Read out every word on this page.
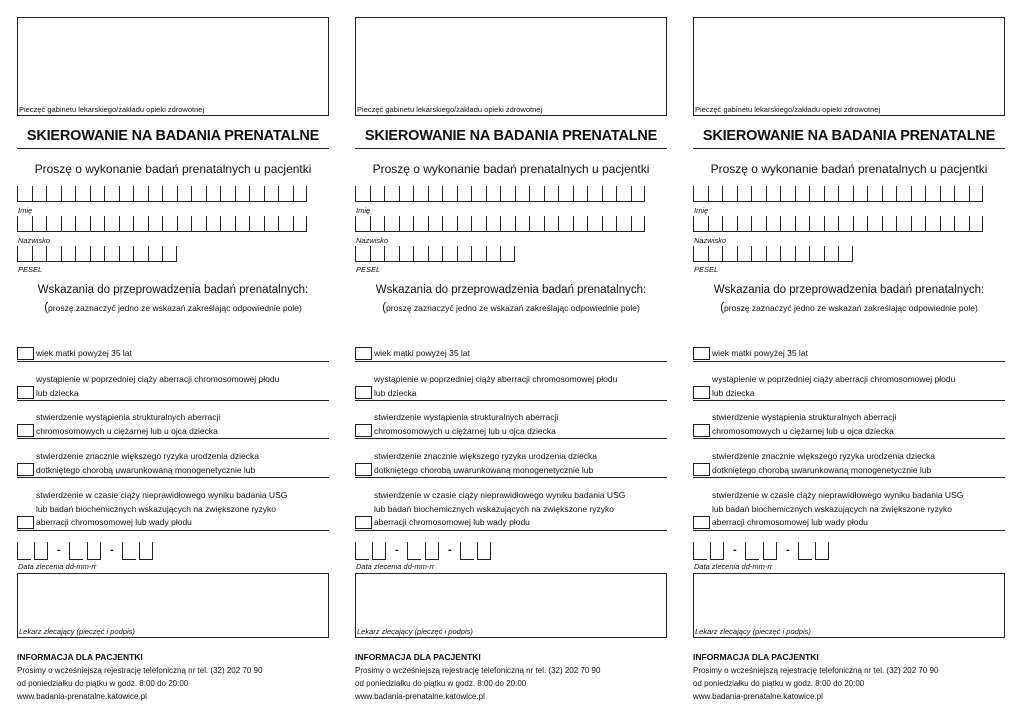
Pieczęć gabinetu lekarskiego/zakładu opieki zdrowotnej
SKIEROWANIE NA BADANIA PRENATALNE
Proszę o wykonanie badań prenatalnych u pacjentki
Imię
Nazwisko
PESEL
Wskazania do przeprowadzenia badań prenatalnych:
(proszę zaznaczyć jedno ze wskazań zakreślając odpowiednie pole)
wiek matki powyżej 35 lat
wystąpienie w poprzedniej ciąży aberracji chromosomowej płodu
lub dziecka
stwierdzenie wystąpienia strukturalnych aberracji
chromosomowych u ciężarnej lub u ojca dziecka
stwierdzenie znacznie większego ryzyka urodzenia dziecka
dotkniętego chorobą uwarunkowaną monogenetycznie lub
stwierdzenie w czasie ciąży nieprawidłowego wyniku badania USG
lub badań biochemicznych wskazujących na zwiększone ryzyko
aberracji chromosomowej lub wady płodu
-	-
Data zlecenia dd-mm-rr
Lekarz zlecający (pieczęć i podpis)
INFORMACJA DLA PACJENTKI
Prosimy o wcześniejszą rejestrację telefoniczną nr tel. (32) 202 70 90
od poniedziałku do piątku w godz. 8:00 do 20:00
www.badania-prenatalne.katowice.pl
Pieczęć gabinetu lekarskiego/zakładu opieki zdrowotnej
SKIEROWANIE NA BADANIA PRENATALNE
Proszę o wykonanie badań prenatalnych u pacjentki
Imię
Nazwisko
PESEL
Wskazania do przeprowadzenia badań prenatalnych:
(proszę zaznaczyć jedno ze wskazań zakreślając odpowiednie pole)
wiek matki powyżej 35 lat
wystąpienie w poprzedniej ciąży aberracji chromosomowej płodu
lub dziecka
stwierdzenie wystąpienia strukturalnych aberracji
chromosomowych u ciężarnej lub u ojca dziecka
stwierdzenie znacznie większego ryzyka urodzenia dziecka
dotkniętego chorobą uwarunkowaną monogenetycznie lub
stwierdzenie w czasie ciąży nieprawidłowego wyniku badania USG
lub badań biochemicznych wskazujących na zwiększone ryzyko
aberracji chromosomowej lub wady płodu
-	-
Data zlecenia dd-mm-rr
Lekarz zlecający (pieczęć i podpis)
INFORMACJA DLA PACJENTKI
Prosimy o wcześniejszą rejestrację telefoniczną nr tel. (32) 202 70 90
od poniedziałku do piątku w godz. 8:00 do 20:00
www.badania-prenatalne.katowice.pl
Pieczęć gabinetu lekarskiego/zakładu opieki zdrowotnej
SKIEROWANIE NA BADANIA PRENATALNE
Proszę o wykonanie badań prenatalnych u pacjentki
Imię
Nazwisko
PESEL
Wskazania do przeprowadzenia badań prenatalnych:
(proszę zaznaczyć jedno ze wskazań zakreślając odpowiednie pole)
wiek matki powyżej 35 lat
wystąpienie w poprzedniej ciąży aberracji chromosomowej płodu
lub dziecka
stwierdzenie wystąpienia strukturalnych aberracji
chromosomowych u ciężarnej lub u ojca dziecka
stwierdzenie znacznie większego ryzyka urodzenia dziecka
dotkniętego chorobą uwarunkowaną monogenetycznie lub
stwierdzenie w czasie ciąży nieprawidłowego wyniku badania USG
lub badań biochemicznych wskazujących na zwiększone ryzyko
aberracji chromosomowej lub wady płodu
-	-
Data zlecenia dd-mm-rr
Lekarz zlecający (pieczęć i podpis)
INFORMACJA DLA PACJENTKI
Prosimy o wcześniejszą rejestrację telefoniczną nr tel. (32) 202 70 90
od poniedziałku do piątku w godz. 8:00 do 20:00
www.badania-prenatalne.katowice.pl
